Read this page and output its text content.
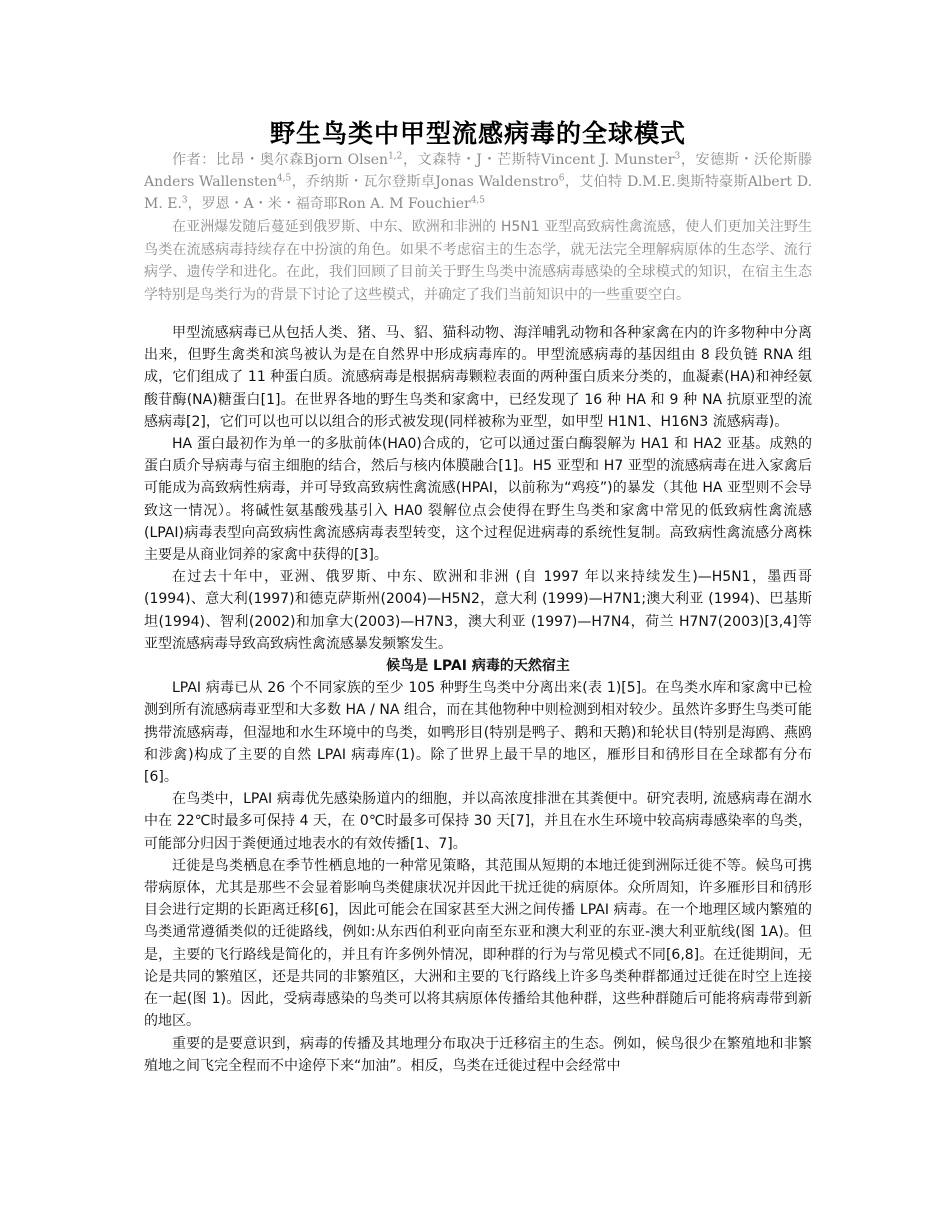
野生鸟类中甲型流感病毒的全球模式
作者：比昂・奥尔森Bjorn Olsen$^{1,2}$，文森特・J・芒斯特Vincent J. Munster$^3$，安德斯・沃伦斯滕Anders Wallensten$^{4,5}$，乔纳斯・瓦尔登斯卓Jonas Waldenstro$^6$，艾伯特 D.M.E.奥斯特豪斯Albert D. M. E.$^3$，罗恩・A・米・福奇耶Ron A. M Fouchier$^{4,5}$
在亚洲爆发随后蔓延到俄罗斯、中东、欧洲和非洲的 H5N1 亚型高致病性禽流感，使人们更加关注野生鸟类在流感病毒持续存在中扮演的角色。如果不考虑宿主的生态学，就无法完全理解病原体的生态学、流行病学、遗传学和进化。在此，我们回顾了目前关于野生鸟类中流感病毒感染的全球模式的知识，在宿主生态学特别是鸟类行为的背景下讨论了这些模式，并确定了我们当前知识中的一些重要空白。

甲型流感病毒已从包括人类、猪、马、貂、猫科动物、海洋哺乳动物和各种家禽在内的许多物种中分离出来，但野生禽类和滨鸟被认为是在自然界中形成病毒库的。甲型流感病毒的基因组由 8 段负链 RNA 组成，它们组成了 11 种蛋白质。流感病毒是根据病毒颗粒表面的两种蛋白质来分类的，血凝素(HA)和神经氨酸苷酶(NA)糖蛋白[1]。在世界各地的野生鸟类和家禽中，已经发现了 16 种 HA 和 9 种 NA 抗原亚型的流感病毒[2]，它们可以也可以以组合的形式被发现(同样被称为亚型，如甲型 H1N1、H16N3 流感病毒)。

HA 蛋白最初作为单一的多肽前体(HA0)合成的，它可以通过蛋白酶裂解为 HA1 和 HA2 亚基。成熟的蛋白质介导病毒与宿主细胞的结合，然后与核内体膜融合[1]。H5 亚型和 H7 亚型的流感病毒在进入家禽后可能成为高致病性病毒，并可导致高致病性禽流感(HPAI，以前称为“鸡疫”)的暴发（其他 HA 亚型则不会导致这一情况）。将碱性氨基酸残基引入 HA0 裂解位点会使得在野生鸟类和家禽中常见的低致病性禽流感(LPAI)病毒表型向高致病性禽流感病毒表型转变，这个过程促进病毒的系统性复制。高致病性禽流感分离株主要是从商业饲养的家禽中获得的[3]。

在过去十年中，亚洲、俄罗斯、中东、欧洲和非洲 (自 1997 年以来持续发生)—H5N1，墨西哥(1994)、意大利(1997)和德克萨斯州(2004)—H5N2，意大利 (1999)—H7N1;澳大利亚 (1994)、巴基斯坦(1994)、智利(2002)和加拿大(2003)—H7N3，澳大利亚 (1997)—H7N4，荷兰 H7N7(2003)[3,4]等亚型流感病毒导致高致病性禽流感暴发频繁发生。

候鸟是 LPAI 病毒的天然宿主

LPAI 病毒已从 26 个不同家族的至少 105 种野生鸟类中分离出来(表 1)[5]。在鸟类水库和家禽中已检测到所有流感病毒亚型和大多数 HA / NA 组合，而在其他物种中则检测到相对较少。虽然许多野生鸟类可能携带流感病毒，但湿地和水生环境中的鸟类，如鸭形目(特别是鸭子、鹅和天鹅)和轮状目(特别是海鸥、燕鸥和涉禽)构成了主要的自然 LPAI 病毒库(1)。除了世界上最干旱的地区，雁形目和鸻形目在全球都有分布[6]。

在鸟类中，LPAI 病毒优先感染肠道内的细胞，并以高浓度排泄在其粪便中。研究表明, 流感病毒在湖水中在 22℃时最多可保持 4 天，在 0℃时最多可保持 30 天[7]，并且在水生环境中较高病毒感染率的鸟类，可能部分归因于粪便通过地表水的有效传播[1、7]。

迁徙是鸟类栖息在季节性栖息地的一种常见策略，其范围从短期的本地迁徙到洲际迁徙不等。候鸟可携带病原体，尤其是那些不会显着影响鸟类健康状况并因此干扰迁徙的病原体。众所周知，许多雁形目和鸻形目会进行定期的长距离迁移[6]，因此可能会在国家甚至大洲之间传播 LPAI 病毒。在一个地理区域内繁殖的鸟类通常遵循类似的迁徙路线，例如:从东西伯利亚向南至东亚和澳大利亚的东亚-澳大利亚航线(图 1A)。但是，主要的飞行路线是简化的，并且有许多例外情况，即种群的行为与常见模式不同[6,8]。在迁徙期间，无论是共同的繁殖区，还是共同的非繁殖区，大洲和主要的飞行路线上许多鸟类种群都通过迁徙在时空上连接在一起(图 1)。因此，受病毒感染的鸟类可以将其病原体传播给其他种群，这些种群随后可能将病毒带到新的地区。

重要的是要意识到，病毒的传播及其地理分布取决于迁移宿主的生态。例如，候鸟很少在繁殖地和非繁殖地之间飞完全程而不中途停下来“加油”。相反，鸟类在迁徙过程中会经常中
